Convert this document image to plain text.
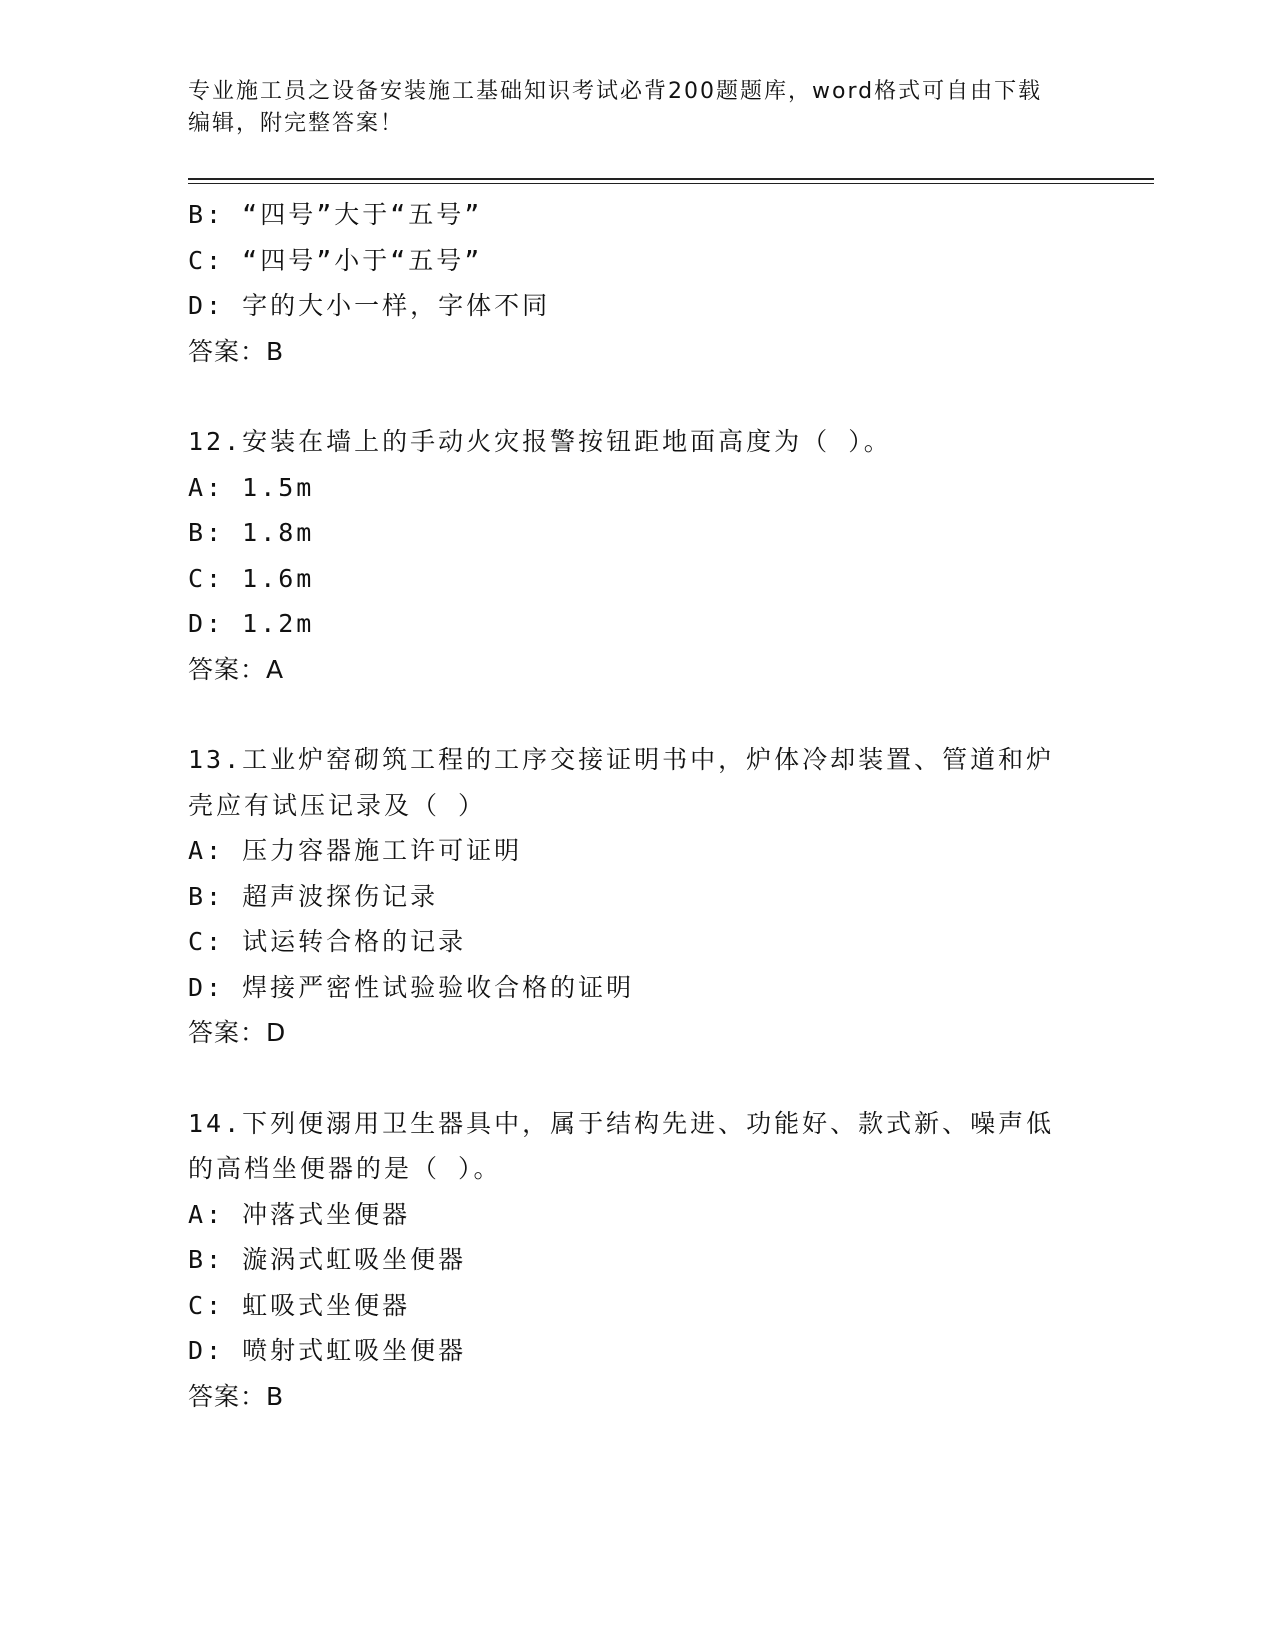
专业施工员之设备安装施工基础知识考试必背200题题库，word格式可自由下载
编辑，附完整答案！
B: “四号”大于“五号”
C: “四号”小于“五号”
D: 字的大小一样，字体不同
答案：B
12.安装在墙上的手动火灾报警按钮距地面高度为（ ）。
A: 1.5m
B: 1.8m
C: 1.6m
D: 1.2m
答案：A
13.工业炉窑砌筑工程的工序交接证明书中，炉体冷却装置、管道和炉
壳应有试压记录及（ ）
A: 压力容器施工许可证明
B: 超声波探伤记录
C: 试运转合格的记录
D: 焊接严密性试验验收合格的证明
答案：D
14.下列便溺用卫生器具中，属于结构先进、功能好、款式新、噪声低
的高档坐便器的是（ ）。
A: 冲落式坐便器
B: 漩涡式虹吸坐便器
C: 虹吸式坐便器
D: 喷射式虹吸坐便器
答案：B
